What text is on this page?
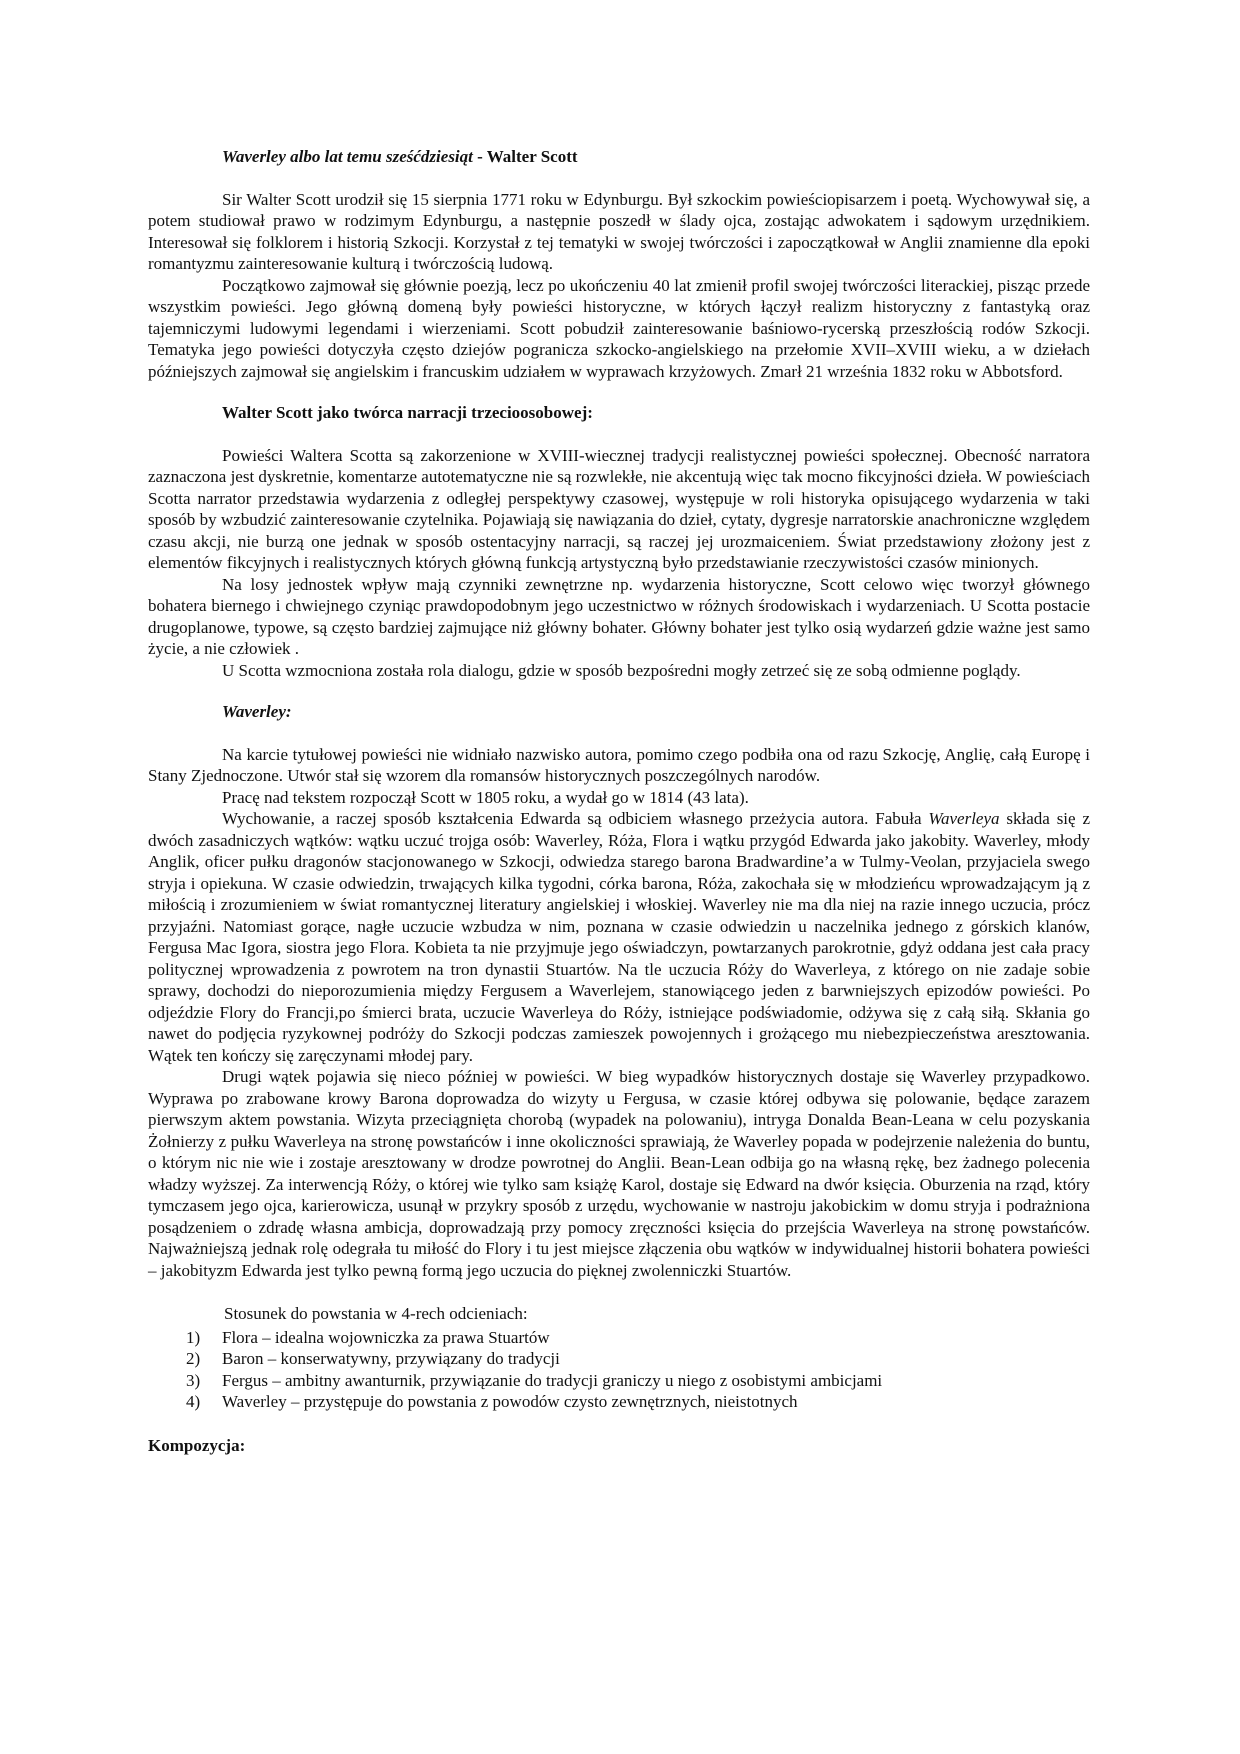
Waverley albo lat temu sześćdziesiąt - Walter Scott

Sir Walter Scott urodził się 15 sierpnia 1771 roku w Edynburgu. Był szkockim powieściopisarzem i poetą. Wychowywał się, a potem studiował prawo w rodzimym Edynburgu, a następnie poszedł w ślady ojca, zostając adwokatem i sądowym urzędnikiem. Interesował się folklorem i historią Szkocji. Korzystał z tej tematyki w swojej twórczości i zapoczątkował w Anglii znamienne dla epoki romantyzmu zainteresowanie kulturą i twórczością ludową.

Początkowo zajmował się głównie poezją, lecz po ukończeniu 40 lat zmienił profil swojej twórczości literackiej, pisząc przede wszystkim powieści. Jego główną domeną były powieści historyczne, w których łączył realizm historyczny z fantastyką oraz tajemniczymi ludowymi legendami i wierzeniami. Scott pobudził zainteresowanie baśniowo-rycerską przeszłością rodów Szkocji. Tematyka jego powieści dotyczyła często dziejów pogranicza szkocko-angielskiego na przełomie XVII–XVIII wieku, a w dziełach późniejszych zajmował się angielskim i francuskim udziałem w wyprawach krzyżowych. Zmarł 21 września 1832 roku w Abbotsford.

Walter Scott jako twórca narracji trzecioosobowej:

Powieści Waltera Scotta są zakorzenione w XVIII-wiecznej tradycji realistycznej powieści społecznej. Obecność narratora zaznaczona jest dyskretnie, komentarze autotematyczne nie są rozwlekłe, nie akcentują więc tak mocno fikcyjności dzieła. W powieściach Scotta narrator przedstawia wydarzenia z odległej perspektywy czasowej, występuje w roli historyka opisującego wydarzenia w taki sposób by wzbudzić zainteresowanie czytelnika. Pojawiają się nawiązania do dzieł, cytaty, dygresje narratorskie anachroniczne względem czasu akcji, nie burzą one jednak w sposób ostentacyjny narracji, są raczej jej urozmaiceniem. Świat przedstawiony złożony jest z elementów fikcyjnych i realistycznych których główną funkcją artystyczną było przedstawianie rzeczywistości czasów minionych.

Na losy jednostek wpływ mają czynniki zewnętrzne np. wydarzenia historyczne, Scott celowo więc tworzył głównego bohatera biernego i chwiejnego czyniąc prawdopodobnym jego uczestnictwo w różnych środowiskach i wydarzeniach. U Scotta postacie drugoplanowe, typowe, są często bardziej zajmujące niż główny bohater. Główny bohater jest tylko osią wydarzeń gdzie ważne jest samo życie, a nie człowiek .

U Scotta wzmocniona została rola dialogu, gdzie w sposób bezpośredni mogły zetrzeć się ze sobą odmienne poglądy.

Waverley:

Na karcie tytułowej powieści nie widniało nazwisko autora, pomimo czego podbiła ona od razu Szkocję, Anglię, całą Europę i Stany Zjednoczone. Utwór stał się wzorem dla romansów historycznych poszczególnych narodów.

Pracę nad tekstem rozpoczął Scott w 1805 roku, a wydał go w 1814 (43 lata).

Wychowanie, a raczej sposób kształcenia Edwarda są odbiciem własnego przeżycia autora. Fabuła Waverleya składa się z dwóch zasadniczych wątków: wątku uczuć trojga osób: Waverley, Róża, Flora i wątku przygód Edwarda jako jakobity. Waverley, młody Anglik, oficer pułku dragonów stacjonowanego w Szkocji, odwiedza starego barona Bradwardine’a w Tulmy-Veolan, przyjaciela swego stryja i opiekuna. W czasie odwiedzin, trwających kilka tygodni, córka barona, Róża, zakochała się w młodzieńcu wprowadzającym ją z miłością i zrozumieniem w świat romantycznej literatury angielskiej i włoskiej. Waverley nie ma dla niej na razie innego uczucia, prócz przyjaźni. Natomiast gorące, nagłe uczucie wzbudza w nim, poznana w czasie odwiedzin u naczelnika jednego z górskich klanów, Fergusa Mac Igora, siostra jego Flora. Kobieta ta nie przyjmuje jego oświadczyn, powtarzanych parokrotnie, gdyż oddana jest cała pracy politycznej wprowadzenia z powrotem na tron dynastii Stuartów. Na tle uczucia Róży do Waverleya, z którego on nie zadaje sobie sprawy, dochodzi do nieporozumienia między Fergusem a Waverlejem, stanowiącego jeden z barwniejszych epizodów powieści. Po odjeździe Flory do Francji,po śmierci brata, uczucie Waverleya do Róży, istniejące podświadomie, odżywa się z całą siłą. Skłania go nawet do podjęcia ryzykownej podróży do Szkocji podczas zamieszek powojennych i grożącego mu niebezpieczeństwa aresztowania. Wątek ten kończy się zaręczynami młodej pary.

Drugi wątek pojawia się nieco później w powieści. W bieg wypadków historycznych dostaje się Waverley przypadkowo. Wyprawa po zrabowane krowy Barona doprowadza do wizyty u Fergusa, w czasie której odbywa się polowanie, będące zarazem pierwszym aktem powstania. Wizyta przeciągnięta chorobą (wypadek na polowaniu), intryga Donalda Bean-Leana w celu pozyskania Żołnierzy z pułku Waverleya na stronę powstańców i inne okoliczności sprawiają, że Waverley popada w podejrzenie należenia do buntu, o którym nic nie wie i zostaje aresztowany w drodze powrotnej do Anglii. Bean-Lean odbija go na własną rękę, bez żadnego polecenia władzy wyższej. Za interwencją Róży, o której wie tylko sam książę Karol, dostaje się Edward na dwór księcia. Oburzenia na rząd, który tymczasem jego ojca, karierowicza, usunął w przykry sposób z urzędu, wychowanie w nastroju jakobickim w domu stryja i podrażniona posądzeniem o zdradę własna ambicja, doprowadzają przy pomocy zręczności księcia do przejścia Waverleya na stronę powstańców. Najważniejszą jednak rolę odegrała tu miłość do Flory i tu jest miejsce złączenia obu wątków w indywidualnej historii bohatera powieści – jakobityzm Edwarda jest tylko pewną formą jego uczucia do pięknej zwolenniczki Stuartów.

Stosunek do powstania w 4-rech odcieniach:

1) Flora – idealna wojowniczka za prawa Stuartów
2) Baron – konserwatywny, przywiązany do tradycji
3) Fergus – ambitny awanturnik, przywiązanie do tradycji graniczy u niego z osobistymi ambicjami
4) Waverley – przystępuje do powstania z powodów czysto zewnętrznych, nieistotnych

Kompozycja:
